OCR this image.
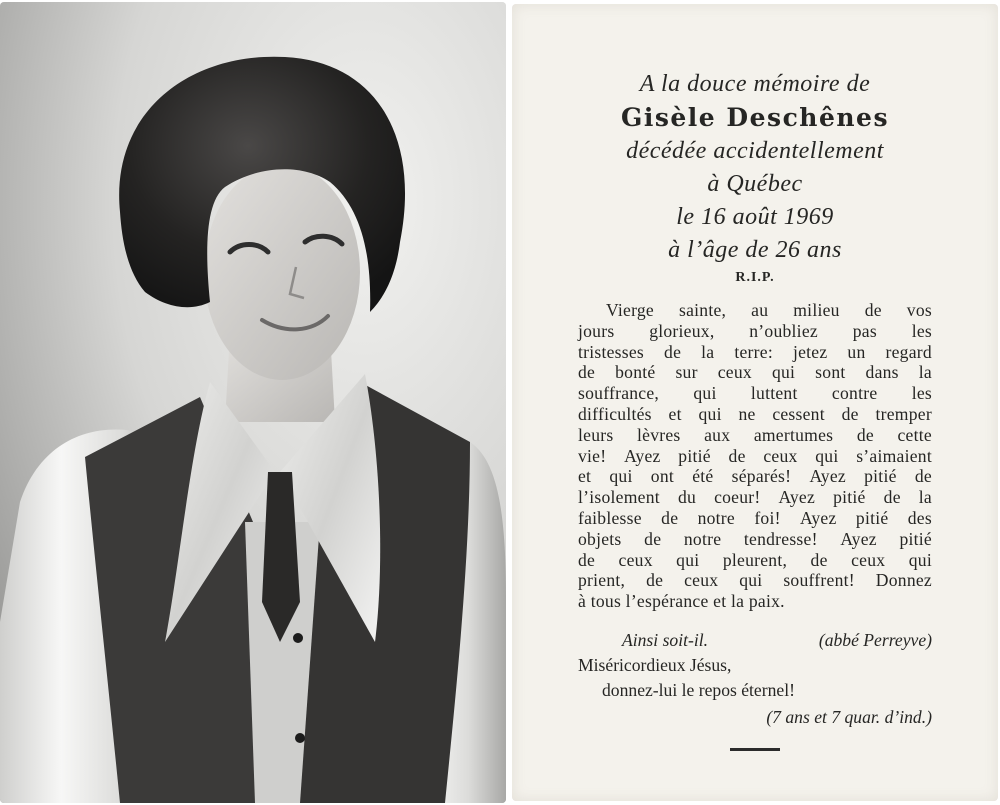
A la douce mémoire de
Gisèle Deschênes
décédée accidentellement
à Québec
le 16 août 1969
à l’âge de 26 ans
R.I.P.
Vierge sainte, au milieu de vos
jours glorieux, n’oubliez pas les
tristesses de la terre: jetez un regard
de bonté sur ceux qui sont dans la
souffrance, qui luttent contre les
difficultés et qui ne cessent de tremper
leurs lèvres aux amertumes de cette
vie! Ayez pitié de ceux qui s’aimaient
et qui ont été séparés! Ayez pitié de
l’isolement du coeur! Ayez pitié de la
faiblesse de notre foi! Ayez pitié des
objets de notre tendresse! Ayez pitié
de ceux qui pleurent, de ceux qui
prient, de ceux qui souffrent! Donnez
à tous l’espérance et la paix.
Ainsi soit-il.	(abbé Perreyve)
Miséricordieux Jésus,
donnez-lui le repos éternel!
(7 ans et 7 quar. d’ind.)
